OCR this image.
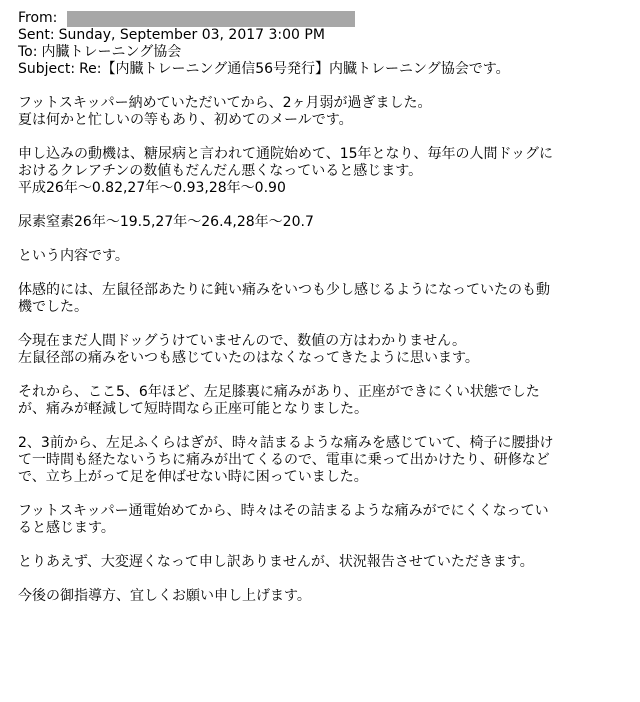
From:
Sent: Sunday, September 03, 2017 3:00 PM
To: 内臓トレーニング協会
Subject: Re:【内臓トレーニング通信56号発行】内臓トレーニング協会です。
フットスキッパー納めていただいてから、2ヶ月弱が過ぎました。
夏は何かと忙しいの等もあり、初めてのメールです。
申し込みの動機は、糖尿病と言われて通院始めて、15年となり、毎年の人間ドッグに
おけるクレアチンの数値もだんだん悪くなっていると感じます。
平成26年～0.82,27年～0.93,28年～0.90
尿素窒素26年～19.5,27年～26.4,28年～20.7
という内容です。
体感的には、左鼠径部あたりに鈍い痛みをいつも少し感じるようになっていたのも動
機でした。
今現在まだ人間ドッグうけていませんので、数値の方はわかりません。
左鼠径部の痛みをいつも感じていたのはなくなってきたように思います。
それから、ここ5、6年ほど、左足膝裏に痛みがあり、正座ができにくい状態でした
が、痛みが軽減して短時間なら正座可能となりました。
2、3前から、左足ふくらはぎが、時々詰まるような痛みを感じていて、椅子に腰掛け
て一時間も経たないうちに痛みが出てくるので、電車に乗って出かけたり、研修など
で、立ち上がって足を伸ばせない時に困っていました。
フットスキッパー通電始めてから、時々はその詰まるような痛みがでにくくなってい
ると感じます。
とりあえず、大変遅くなって申し訳ありませんが、状況報告させていただきます。
今後の御指導方、宜しくお願い申し上げます。
